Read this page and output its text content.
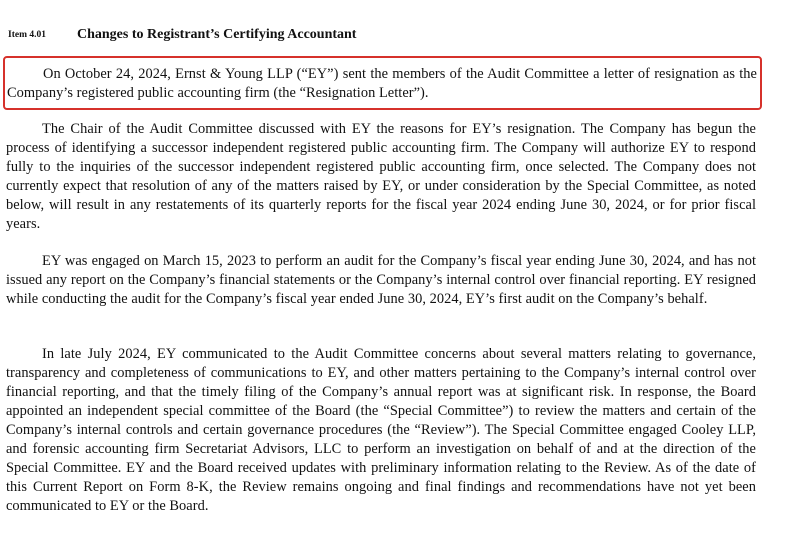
Item 4.01 Changes to Registrant’s Certifying Accountant

On October 24, 2024, Ernst & Young LLP (“EY”) sent the members of the Audit Committee a letter of resignation as the Company’s registered public accounting firm (the “Resignation Letter”).

The Chair of the Audit Committee discussed with EY the reasons for EY’s resignation. The Company has begun the process of identifying a successor independent registered public accounting firm. The Company will authorize EY to respond fully to the inquiries of the successor independent registered public accounting firm, once selected. The Company does not currently expect that resolution of any of the matters raised by EY, or under consideration by the Special Committee, as noted below, will result in any restatements of its quarterly reports for the fiscal year 2024 ending June 30, 2024, or for prior fiscal years.

EY was engaged on March 15, 2023 to perform an audit for the Company’s fiscal year ending June 30, 2024, and has not issued any report on the Company’s financial statements or the Company’s internal control over financial reporting. EY resigned while conducting the audit for the Company’s fiscal year ended June 30, 2024, EY’s first audit on the Company’s behalf.

In late July 2024, EY communicated to the Audit Committee concerns about several matters relating to governance, transparency and completeness of communications to EY, and other matters pertaining to the Company’s internal control over financial reporting, and that the timely filing of the Company’s annual report was at significant risk. In response, the Board appointed an independent special committee of the Board (the “Special Committee”) to review the matters and certain of the Company’s internal controls and certain governance procedures (the “Review”). The Special Committee engaged Cooley LLP, and forensic accounting firm Secretariat Advisors, LLC to perform an investigation on behalf of and at the direction of the Special Committee. EY and the Board received updates with preliminary information relating to the Review. As of the date of this Current Report on Form 8-K, the Review remains ongoing and final findings and recommendations have not yet been communicated to EY or the Board.
